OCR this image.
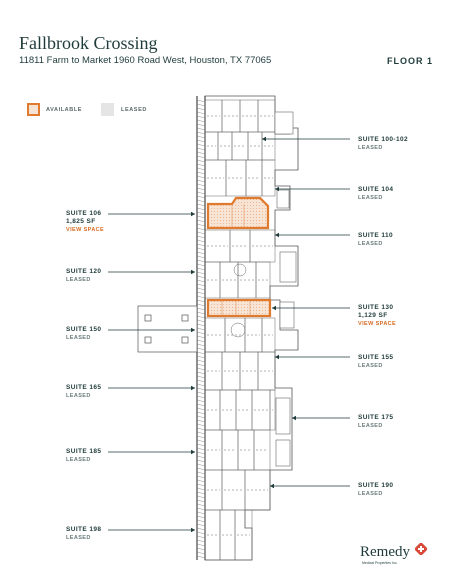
Fallbrook Crossing
11811 Farm to Market 1960 Road West, Houston, TX 77065	FLOOR 1
AVAILABLE	LEASED
SUITE 100-102
LEASED
SUITE 104
LEASED
SUITE 106
1,825 SF
VIEW SPACE
SUITE 110
LEASED
SUITE 120
LEASED
SUITE 130
1,129 SF
VIEW SPACE
SUITE 150
LEASED
SUITE 155
LEASED
SUITE 165
LEASED
SUITE 175
LEASED
SUITE 185
LEASED
SUITE 190
LEASED
SUITE 198
LEASED
Remedy
Medical Properties Inc.
